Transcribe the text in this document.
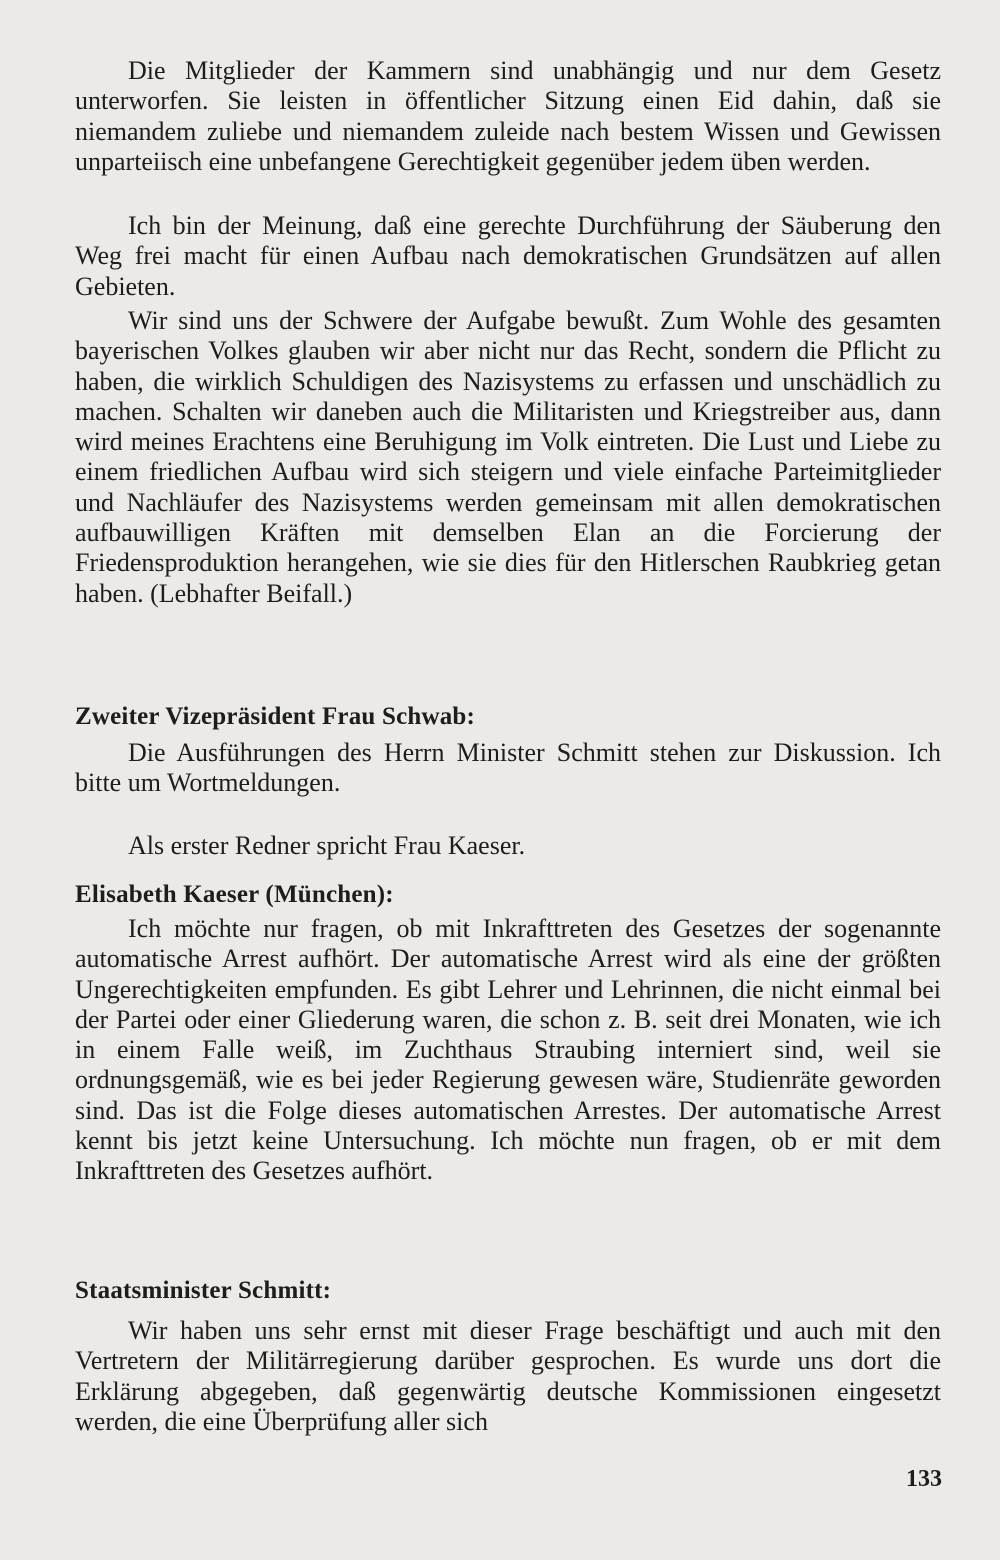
Die Mitglieder der Kammern sind unabhängig und nur dem Gesetz unterworfen. Sie leisten in öffentlicher Sitzung einen Eid dahin, daß sie niemandem zuliebe und niemandem zuleide nach bestem Wissen und Gewissen unparteiisch eine unbefangene Gerechtigkeit gegenüber jedem üben werden.

Ich bin der Meinung, daß eine gerechte Durchführung der Säuberung den Weg frei macht für einen Aufbau nach demokratischen Grundsätzen auf allen Gebieten.

Wir sind uns der Schwere der Aufgabe bewußt. Zum Wohle des gesamten bayerischen Volkes glauben wir aber nicht nur das Recht, sondern die Pflicht zu haben, die wirklich Schuldigen des Nazisystems zu erfassen und unschädlich zu machen. Schalten wir daneben auch die Militaristen und Kriegstreiber aus, dann wird meines Erachtens eine Beruhigung im Volk eintreten. Die Lust und Liebe zu einem friedlichen Aufbau wird sich steigern und viele einfache Parteimitglieder und Nachläufer des Nazisystems werden gemeinsam mit allen demokratischen aufbauwilligen Kräften mit demselben Elan an die Forcierung der Friedensproduktion herangehen, wie sie dies für den Hitlerschen Raubkrieg getan haben. (Lebhafter Beifall.)

Zweiter Vizepräsident Frau Schwab:

Die Ausführungen des Herrn Minister Schmitt stehen zur Diskussion. Ich bitte um Wortmeldungen.

Als erster Redner spricht Frau Kaeser.

Elisabeth Kaeser (München):

Ich möchte nur fragen, ob mit Inkrafttreten des Gesetzes der sogenannte automatische Arrest aufhört. Der automatische Arrest wird als eine der größten Ungerechtigkeiten empfunden. Es gibt Lehrer und Lehrinnen, die nicht einmal bei der Partei oder einer Gliederung waren, die schon z. B. seit drei Monaten, wie ich in einem Falle weiß, im Zuchthaus Straubing interniert sind, weil sie ordnungsgemäß, wie es bei jeder Regierung gewesen wäre, Studienräte geworden sind. Das ist die Folge dieses automatischen Arrestes. Der automatische Arrest kennt bis jetzt keine Untersuchung. Ich möchte nun fragen, ob er mit dem Inkrafttreten des Gesetzes aufhört.

Staatsminister Schmitt:

Wir haben uns sehr ernst mit dieser Frage beschäftigt und auch mit den Vertretern der Militärregierung darüber gesprochen. Es wurde uns dort die Erklärung abgegeben, daß gegenwärtig deutsche Kommissionen eingesetzt werden, die eine Überprüfung aller sich

133
